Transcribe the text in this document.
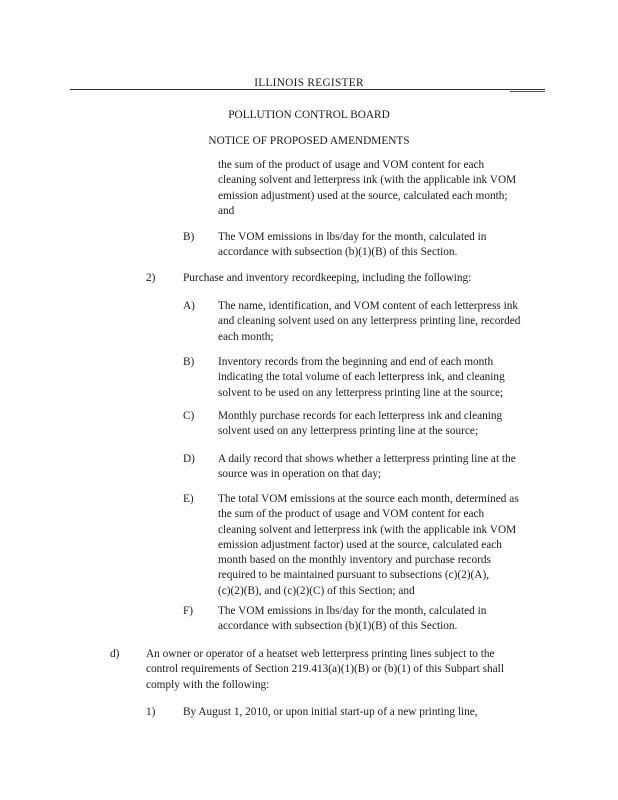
ILLINOIS REGISTER
POLLUTION CONTROL BOARD
NOTICE OF PROPOSED AMENDMENTS
the sum of the product of usage and VOM content for each
cleaning solvent and letterpress ink (with the applicable ink VOM
emission adjustment) used at the source, calculated each month;
and
B) The VOM emissions in lbs/day for the month, calculated in
accordance with subsection (b)(1)(B) of this Section.
2) Purchase and inventory recordkeeping, including the following:
A) The name, identification, and VOM content of each letterpress ink
and cleaning solvent used on any letterpress printing line, recorded
each month;
B) Inventory records from the beginning and end of each month
indicating the total volume of each letterpress ink, and cleaning
solvent to be used on any letterpress printing line at the source;
C) Monthly purchase records for each letterpress ink and cleaning
solvent used on any letterpress printing line at the source;
D) A daily record that shows whether a letterpress printing line at the
source was in operation on that day;
E) The total VOM emissions at the source each month, determined as
the sum of the product of usage and VOM content for each
cleaning solvent and letterpress ink (with the applicable ink VOM
emission adjustment factor) used at the source, calculated each
month based on the monthly inventory and purchase records
required to be maintained pursuant to subsections (c)(2)(A),
(c)(2)(B), and (c)(2)(C) of this Section; and
F) The VOM emissions in lbs/day for the month, calculated in
accordance with subsection (b)(1)(B) of this Section.
d) An owner or operator of a heatset web letterpress printing lines subject to the
control requirements of Section 219.413(a)(1)(B) or (b)(1) of this Subpart shall
comply with the following:
1) By August 1, 2010, or upon initial start-up of a new printing line,
